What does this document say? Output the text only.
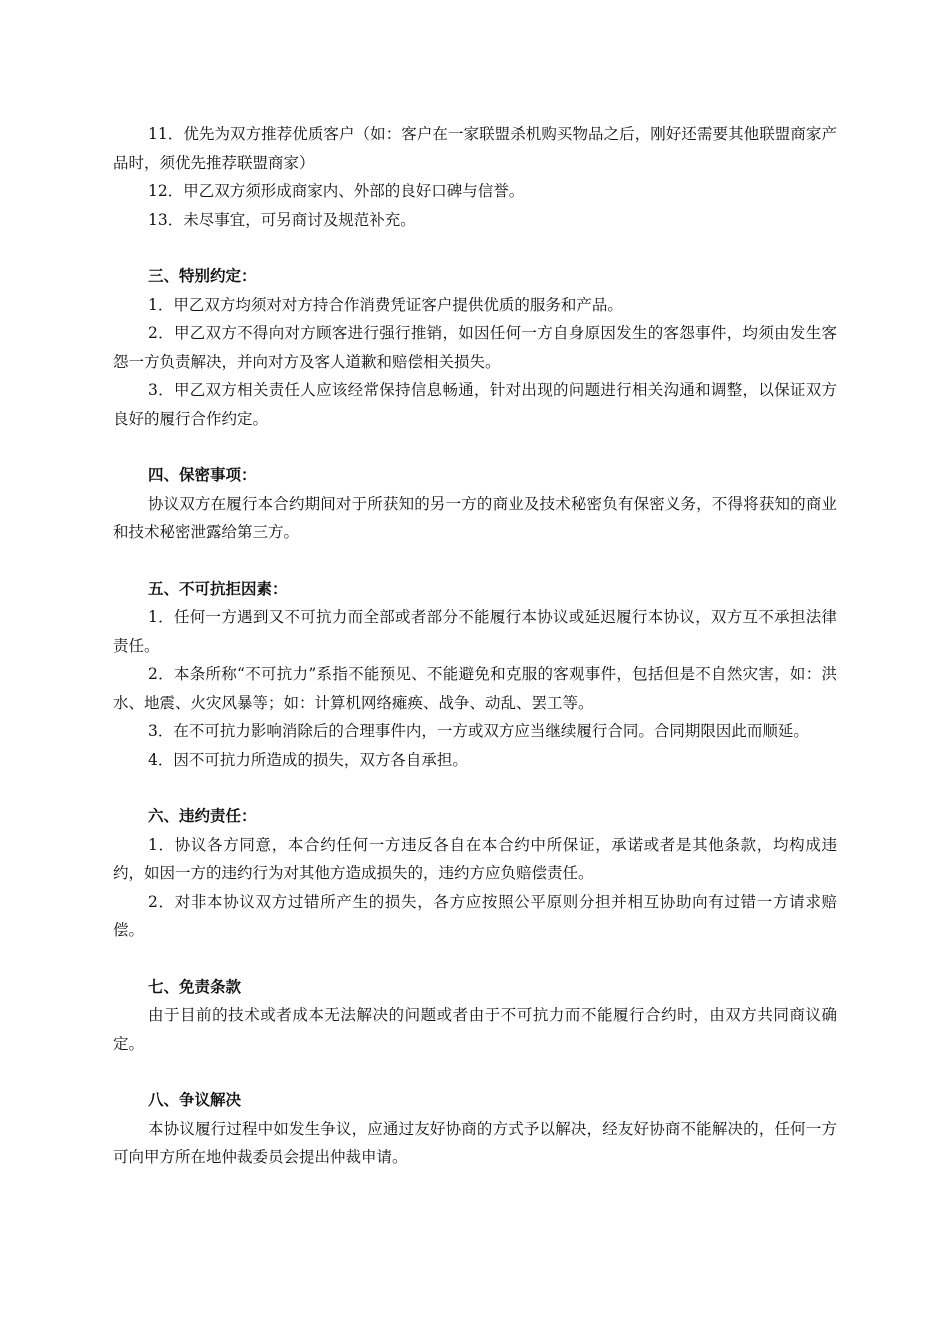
11．优先为双方推荐优质客户（如：客户在一家联盟杀机购买物品之后，刚好还需要其他联盟商家产品时，须优先推荐联盟商家）

12．甲乙双方须形成商家内、外部的良好口碑与信誉。

13．未尽事宜，可另商讨及规范补充。

三、特别约定：

1．甲乙双方均须对对方持合作消费凭证客户提供优质的服务和产品。

2．甲乙双方不得向对方顾客进行强行推销，如因任何一方自身原因发生的客怨事件，均须由发生客怨一方负责解决，并向对方及客人道歉和赔偿相关损失。

3．甲乙双方相关责任人应该经常保持信息畅通，针对出现的问题进行相关沟通和调整，以保证双方良好的履行合作约定。

四、保密事项：

协议双方在履行本合约期间对于所获知的另一方的商业及技术秘密负有保密义务，不得将获知的商业和技术秘密泄露给第三方。

五、不可抗拒因素：

1．任何一方遇到又不可抗力而全部或者部分不能履行本协议或延迟履行本协议，双方互不承担法律责任。

2．本条所称“不可抗力”系指不能预见、不能避免和克服的客观事件，包括但是不自然灾害，如：洪水、地震、火灾风暴等；如：计算机网络瘫痪、战争、动乱、罢工等。

3．在不可抗力影响消除后的合理事件内，一方或双方应当继续履行合同。合同期限因此而顺延。

4．因不可抗力所造成的损失，双方各自承担。

六、违约责任：

1．协议各方同意，本合约任何一方违反各自在本合约中所保证，承诺或者是其他条款，均构成违约，如因一方的违约行为对其他方造成损失的，违约方应负赔偿责任。

2．对非本协议双方过错所产生的损失，各方应按照公平原则分担并相互协助向有过错一方请求赔偿。

七、免责条款

由于目前的技术或者成本无法解决的问题或者由于不可抗力而不能履行合约时，由双方共同商议确定。

八、争议解决

本协议履行过程中如发生争议，应通过友好协商的方式予以解决，经友好协商不能解决的，任何一方可向甲方所在地仲裁委员会提出仲裁申请。
